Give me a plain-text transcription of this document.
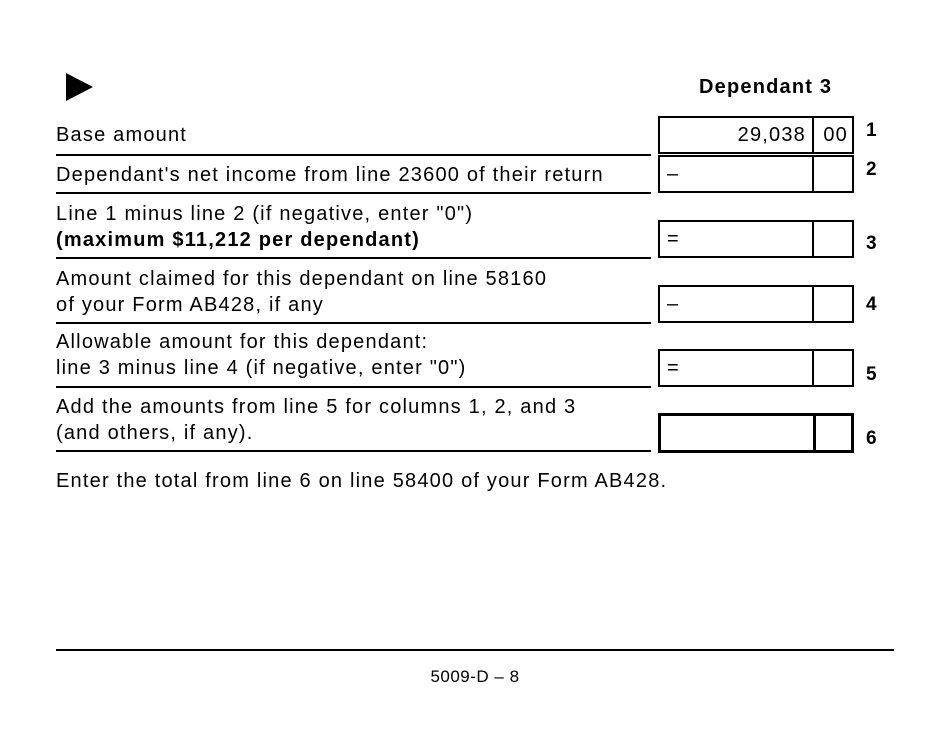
Dependant 3
Base amount	29,038 00 1
Dependant's net income from line 23600 of their return	–	2
Line 1 minus line 2 (if negative, enter "0")
(maximum $11,212 per dependant)	=	3
Amount claimed for this dependant on line 58160
of your Form AB428, if any	–	4
Allowable amount for this dependant:
line 3 minus line 4 (if negative, enter "0")	=	5
Add the amounts from line 5 for columns 1, 2, and 3
(and others, if any).	6
Enter the total from line 6 on line 58400 of your Form AB428.
5009-D – 8
